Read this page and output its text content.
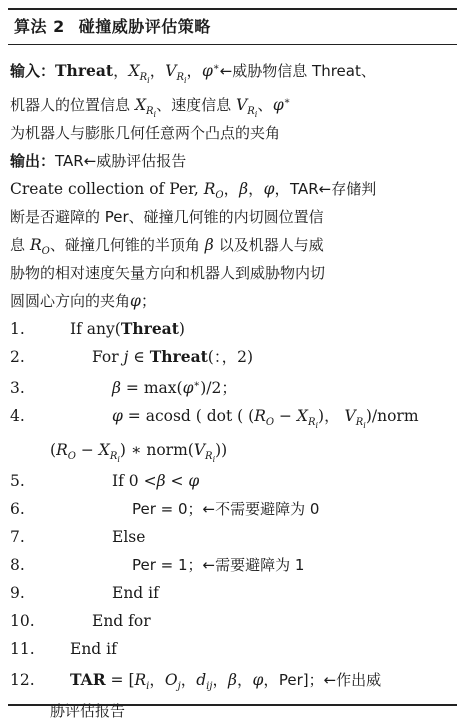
算法 2 碰撞威胁评估策略
输入：Threat，$X_{R_i}$，$V_{R_i}$，φ∗←威胁物信息 Threat、
机器人的位置信息 $X_{R_i}$、速度信息 $V_{R_i}$、φ∗
为机器人与膨胀几何任意两个凸点的夹角
输出：TAR←威胁评估报告
Create collection of Per, $R_O$，β，φ，TAR←存储判
断是否避障的 Per、碰撞几何锥的内切圆位置信
息 $R_O$、碰撞几何锥的半顶角 β 以及机器人与威
胁物的相对速度矢量方向和机器人到威胁物内切
圆圆心方向的夹角φ；
1.	If any(Threat)
2.	For j ∈ Threat(：，2)
3.	β = max(φ∗)/2；
4.	φ = acosd ( dot ( $(R_O - X_{R_i})$， $V_{R_i}$)/norm
$(R_O - X_{R_i})$ ∗ $norm(V_{R_i})$)
5.	If 0 <β < φ
6.	Per = 0；←不需要避障为 0
7.	Else
8.	Per = 1；←需要避障为 1
9.	End if
10.	End for
11. End if
12. TAR = [$R_i$，$O_j$，$d_{ij}$，β，φ，Per]；←作出威
胁评估报告
